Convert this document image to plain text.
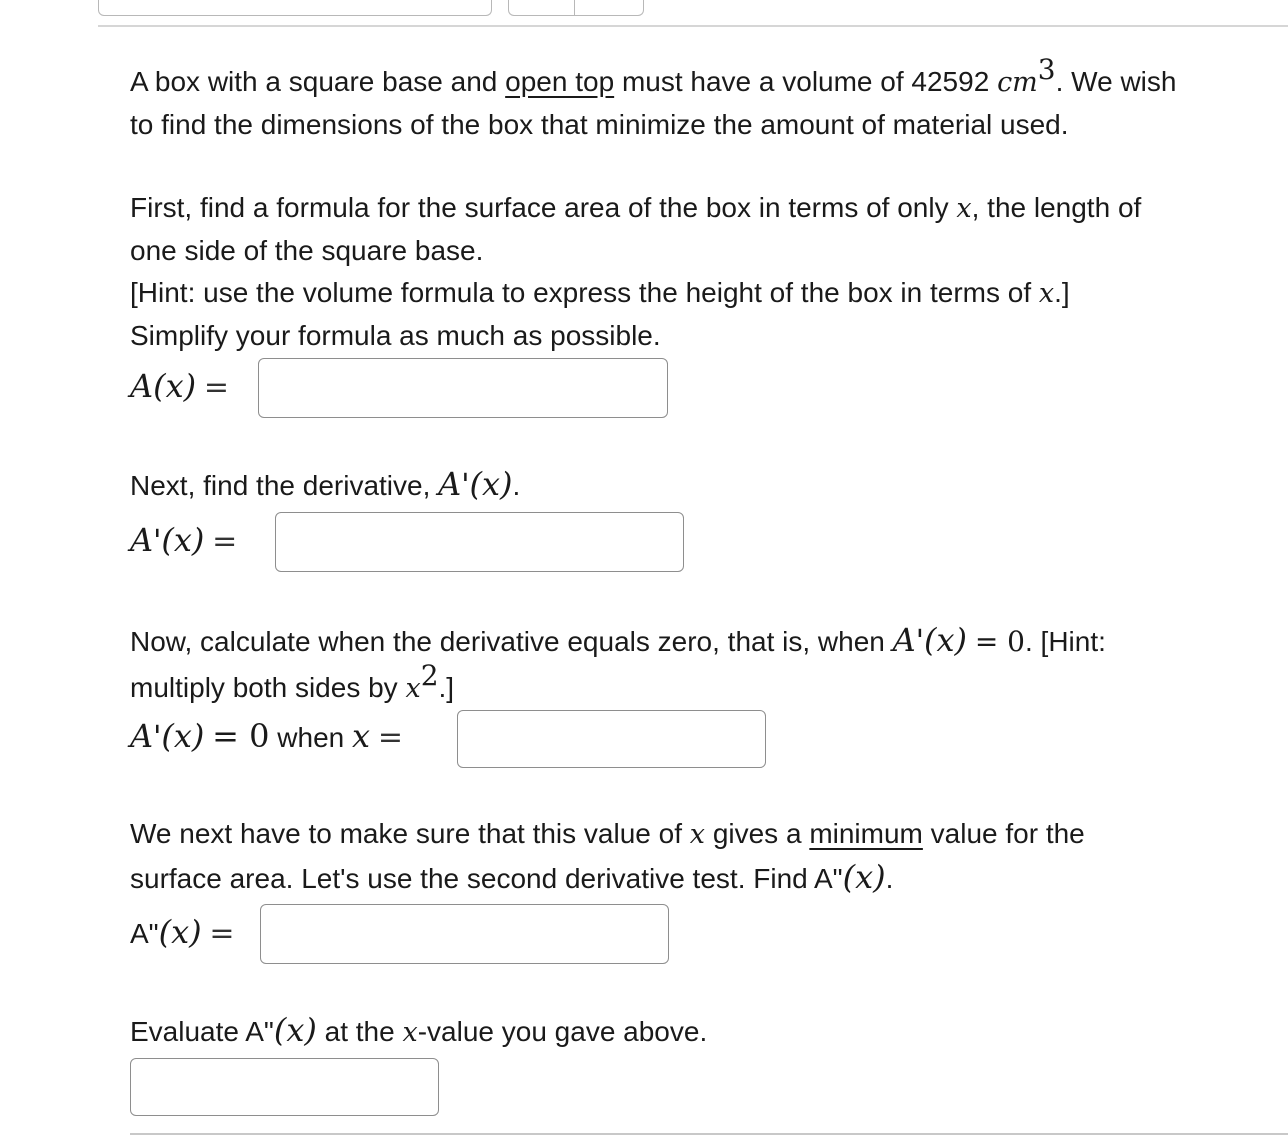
A box with a square base and open top must have a volume of 42592 $cm^3$. We wish
to find the dimensions of the box that minimize the amount of material used.
First, find a formula for the surface area of the box in terms of only x, the length of
one side of the square base.
[Hint: use the volume formula to express the height of the box in terms of x.]
Simplify your formula as much as possible.
A(x) =
Next, find the derivative, A'(x).
A'(x) =
Now, calculate when the derivative equals zero, that is, when A'(x) = 0. [Hint:
multiply both sides by $x^2$.]
A'(x) = 0 when x =
We next have to make sure that this value of x gives a minimum value for the
surface area. Let's use the second derivative test. Find A"(x).
A"(x) =
Evaluate A"(x) at the x-value you gave above.
